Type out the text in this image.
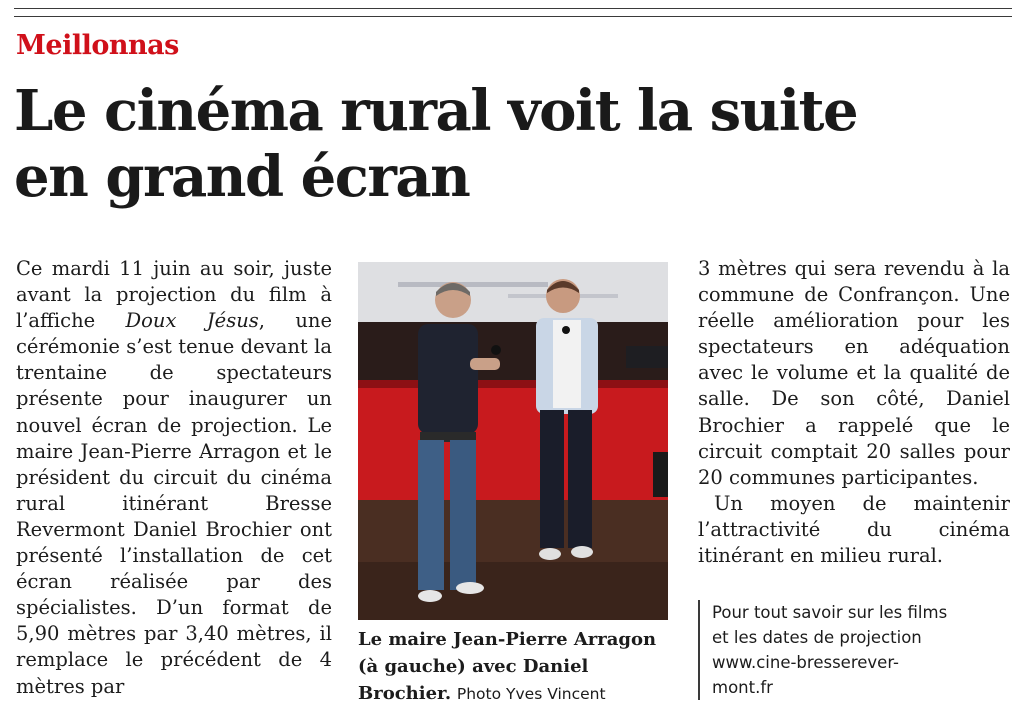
Meillonnas
Le cinéma rural voit la suite
en grand écran

Ce mardi 11 juin au soir, juste avant la projection du film à l’affiche Doux Jésus, une cérémonie s’est tenue devant la trentaine de spectateurs présente pour inaugurer un nouvel écran de projection. Le maire Jean-Pierre Arragon et le président du circuit du cinéma rural itinérant Bresse Revermont Daniel Brochier ont présenté l’installation de cet écran réalisée par des spécialistes. D’un format de 5,90 mètres par 3,40 mètres, il remplace le précédent de 4 mètres par

Le maire Jean-Pierre Arragon (à gauche) avec Daniel Brochier. Photo Yves Vincent

3 mètres qui sera revendu à la commune de Confrançon. Une réelle amélioration pour les spectateurs en adéquation avec le volume et la qualité de salle. De son côté, Daniel Brochier a rappelé que le circuit comptait 20 salles pour 20 communes participantes.

Un moyen de maintenir l’attractivité du cinéma itinérant en milieu rural.

Pour tout savoir sur les films

et les dates de projection

www.cine-bresserever-

mont.fr
